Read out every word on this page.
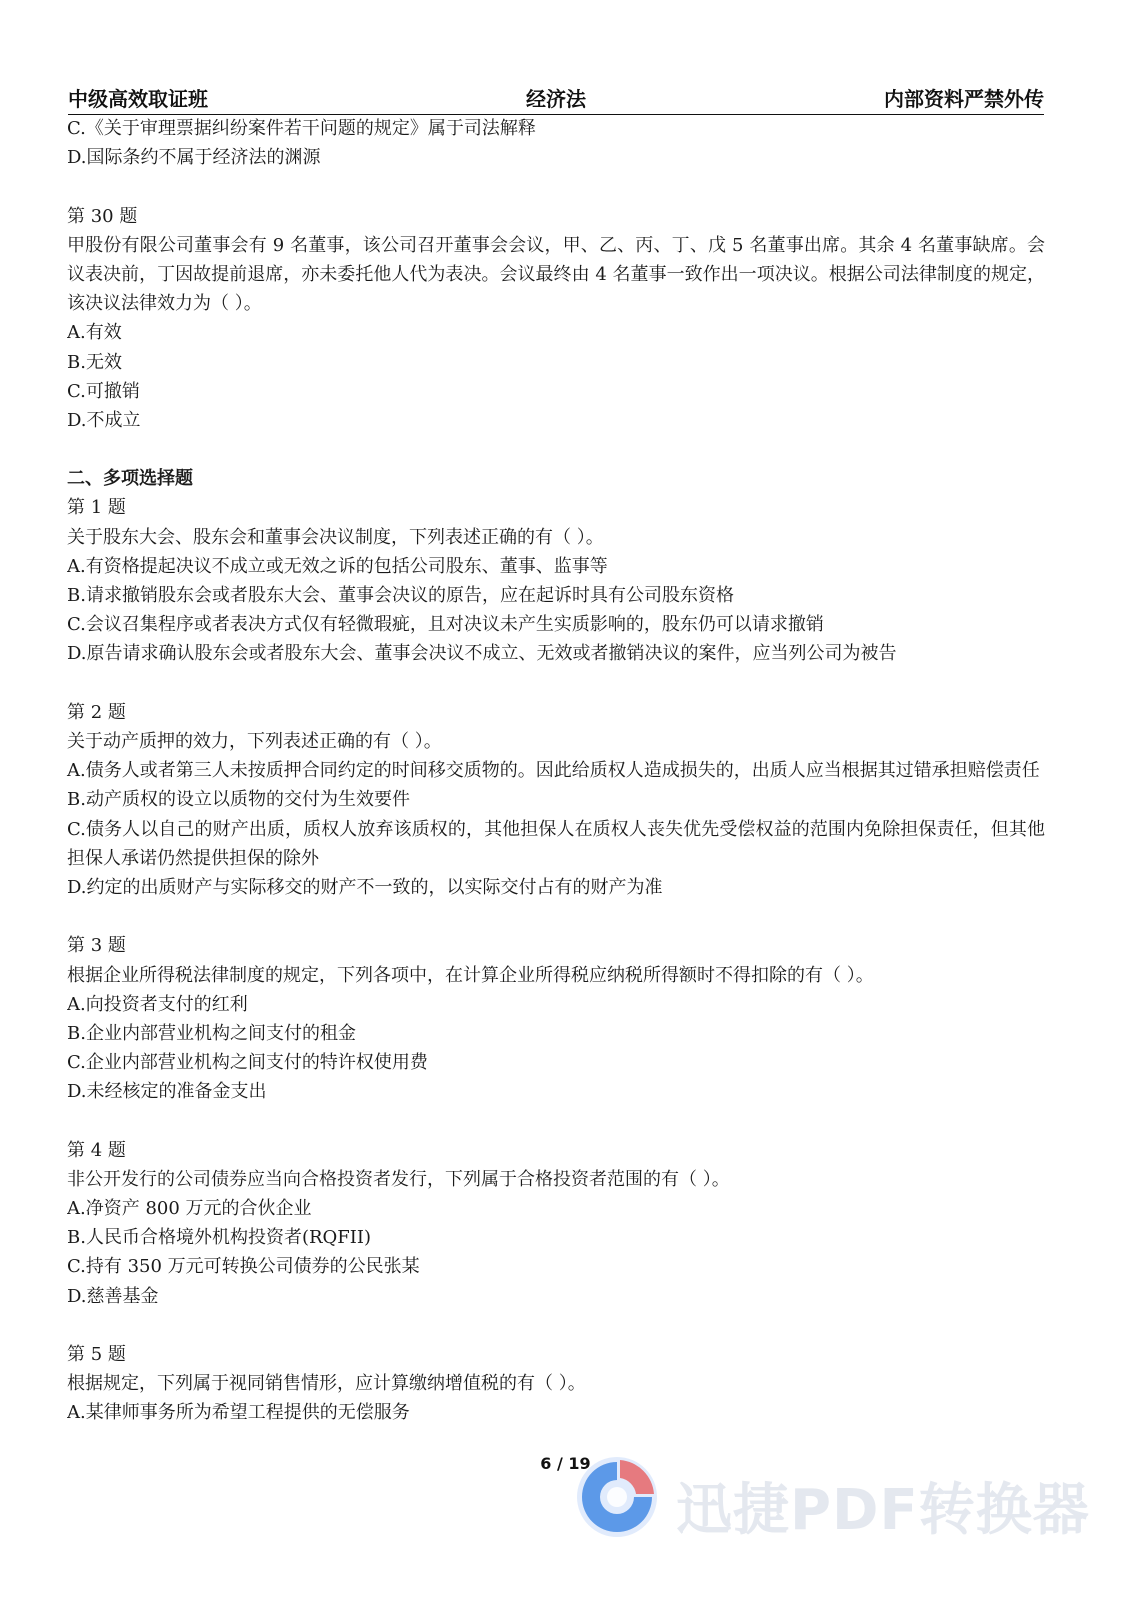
中级高效取证班	经济法	内部资料严禁外传
C.《关于审理票据纠纷案件若干问题的规定》属于司法解释
D.国际条约不属于经济法的渊源
第 30 题
甲股份有限公司董事会有 9 名董事，该公司召开董事会会议，甲、乙、丙、丁、戊 5 名董事出席。其余 4 名董事缺席。会议表决前，丁因故提前退席，亦未委托他人代为表决。会议最终由 4 名董事一致作出一项决议。根据公司法律制度的规定，该决议法律效力为（ ）。
A.有效
B.无效
C.可撤销
D.不成立
二、多项选择题
第 1 题
关于股东大会、股东会和董事会决议制度，下列表述正确的有（ ）。
A.有资格提起决议不成立或无效之诉的包括公司股东、董事、监事等
B.请求撤销股东会或者股东大会、董事会决议的原告，应在起诉时具有公司股东资格
C.会议召集程序或者表决方式仅有轻微瑕疵，且对决议未产生实质影响的，股东仍可以请求撤销
D.原告请求确认股东会或者股东大会、董事会决议不成立、无效或者撤销决议的案件，应当列公司为被告
第 2 题
关于动产质押的效力，下列表述正确的有（ ）。
A.债务人或者第三人未按质押合同约定的时间移交质物的。因此给质权人造成损失的，出质人应当根据其过错承担赔偿责任
B.动产质权的设立以质物的交付为生效要件
C.债务人以自己的财产出质，质权人放弃该质权的，其他担保人在质权人丧失优先受偿权益的范围内免除担保责任，但其他担保人承诺仍然提供担保的除外
D.约定的出质财产与实际移交的财产不一致的，以实际交付占有的财产为准
第 3 题
根据企业所得税法律制度的规定，下列各项中，在计算企业所得税应纳税所得额时不得扣除的有（ ）。
A.向投资者支付的红利
B.企业内部营业机构之间支付的租金
C.企业内部营业机构之间支付的特许权使用费
D.未经核定的准备金支出
第 4 题
非公开发行的公司债券应当向合格投资者发行，下列属于合格投资者范围的有（ ）。
A.净资产 800 万元的合伙企业
B.人民币合格境外机构投资者(RQFII)
C.持有 350 万元可转换公司债券的公民张某
D.慈善基金
第 5 题
根据规定，下列属于视同销售情形，应计算缴纳增值税的有（ ）。
A.某律师事务所为希望工程提供的无偿服务
6 / 19
迅捷PDF转换器
